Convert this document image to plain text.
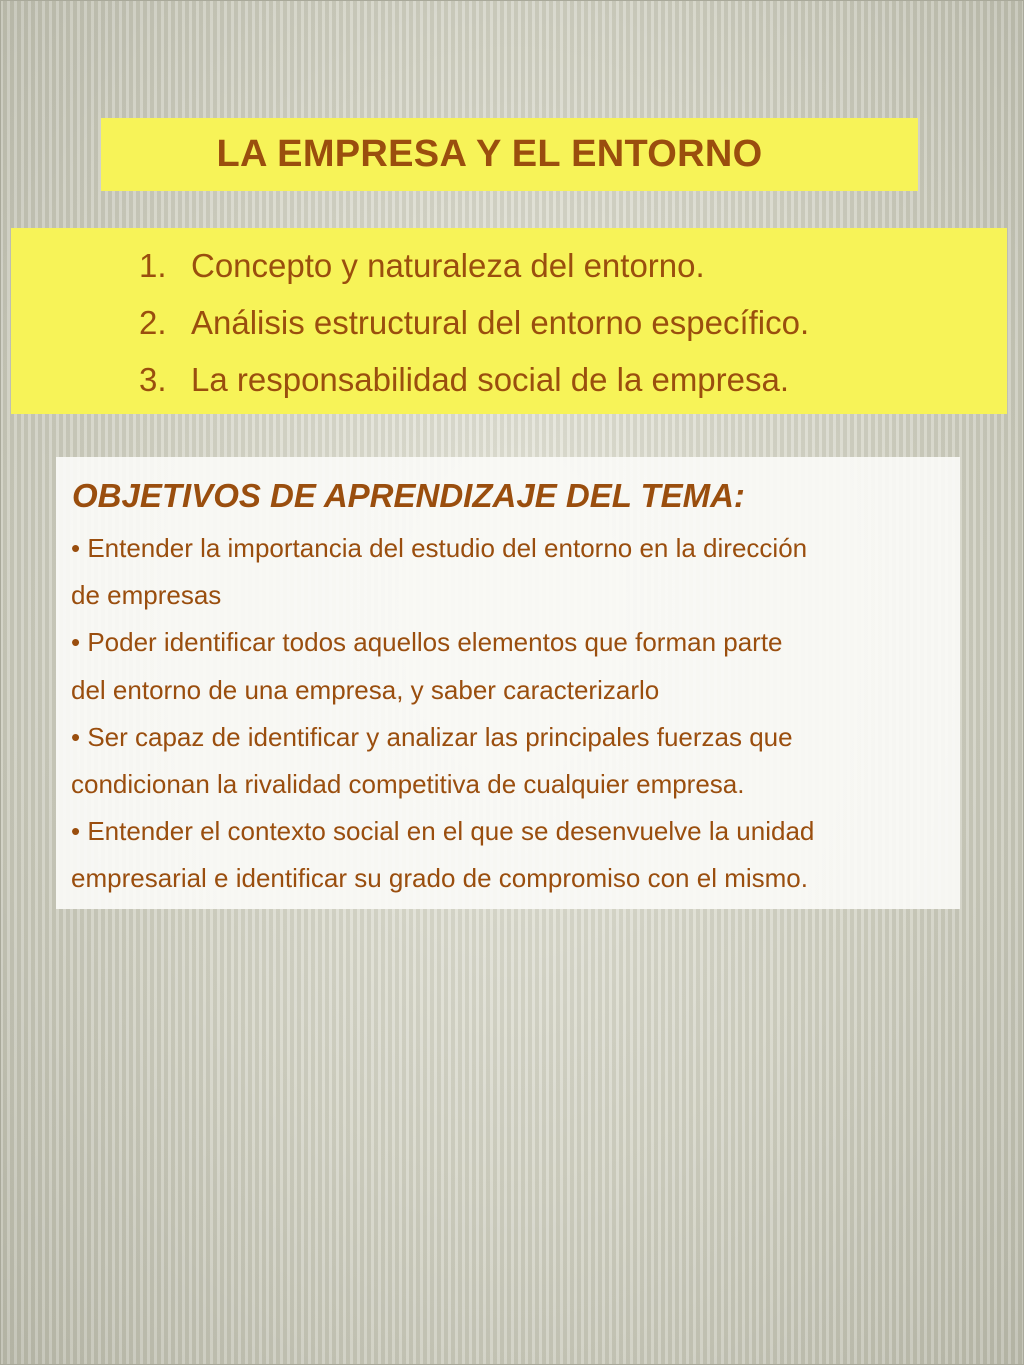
LA EMPRESA Y EL ENTORNO
1. Concepto y naturaleza del entorno.
2. Análisis estructural del entorno específico.
3. La responsabilidad social de la empresa.
OBJETIVOS DE APRENDIZAJE DEL TEMA:
• Entender la importancia del estudio del entorno en la dirección
de empresas
• Poder identificar todos aquellos elementos que forman parte
del entorno de una empresa, y saber caracterizarlo
• Ser capaz de identificar y analizar las principales fuerzas que
condicionan la rivalidad competitiva de cualquier empresa.
• Entender el contexto social en el que se desenvuelve la unidad
empresarial e identificar su grado de compromiso con el mismo.
